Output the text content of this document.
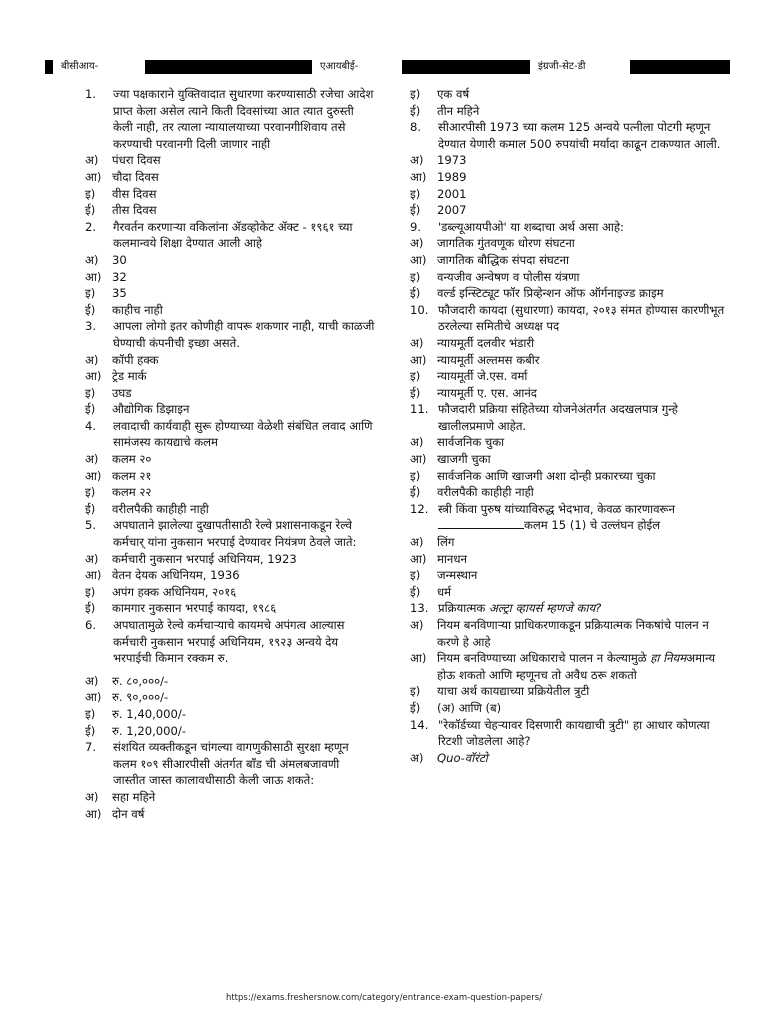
बीसीआय-	एआयबीई-	इंग्रजी-सेट-डी
1. ज्या पक्षकाराने युक्तिवादात सुधारणा करण्यासाठी रजेचा आदेश प्राप्त केला असेल त्याने किती दिवसांच्या आत त्यात दुरुस्ती केली नाही, तर त्याला न्यायालयाच्या परवानगीशिवाय तसे करण्याची परवानगी दिली जाणार नाही
अ) पंधरा दिवस
आ) चौदा दिवस
इ) वीस दिवस
ई) तीस दिवस
2. गैरवर्तन करणाऱ्या वकिलांना ॲडव्होकेट ॲक्ट - १९६१ च्या कलमान्वये शिक्षा देण्यात आली आहे
अ) 30
आ) 32
इ) 35
ई) काहीच नाही
3. आपला लोगो इतर कोणीही वापरू शकणार नाही, याची काळजी घेण्याची कंपनीची इच्छा असते.
अ) कॉपी हक्क
आ) ट्रेड मार्क
इ) उघड
ई) औद्योगिक डिझाइन
4. लवादाची कार्यवाही सुरू होण्याच्या वेळेशी संबंधित लवाद आणि सामंजस्य कायद्याचे कलम
अ) कलम २०
आ) कलम २१
इ) कलम २२
ई) वरीलपैकी काहीही नाही
5. अपघाताने झालेल्या दुखापतीसाठी रेल्वे प्रशासनाकडून रेल्वे कर्मचार् यांना नुकसान भरपाई देण्यावर नियंत्रण ठेवले जाते:
अ) कर्मचारी नुकसान भरपाई अधिनियम, 1923
आ) वेतन देयक अधिनियम, 1936
इ) अपंग हक्क अधिनियम, २०१६
ई) कामगार नुकसान भरपाई कायदा, १९८६
6. अपघातामुळे रेल्वे कर्मचाऱ्याचे कायमचे अपंगत्व आल्यास कर्मचारी नुकसान भरपाई अधिनियम, १९२३ अन्वये देय भरपाईची किमान रक्कम रु.
अ) रु. ८०,०००/-
आ) रु. ९०,०००/-
इ) रु. 1,40,000/-
ई) रु. 1,20,000/-
7. संशयित व्यक्तीकडून चांगल्या वागणुकीसाठी सुरक्षा म्हणून कलम १०९ सीआरपीसी अंतर्गत बाँड ची अंमलबजावणी जास्तीत जास्त कालावधीसाठी केली जाऊ शकते:
अ) सहा महिने
आ) दोन वर्ष
इ) एक वर्ष
ई) तीन महिने
8. सीआरपीसी 1973 च्या कलम 125 अन्वये पत्नीला पोटगी म्हणून देण्यात येणारी कमाल 500 रुपयांची मर्यादा काढून टाकण्यात आली.
अ) 1973
आ) 1989
इ) 2001
ई) 2007
9. 'डब्ल्यूआयपीओ' या शब्दाचा अर्थ असा आहे:
अ) जागतिक गुंतवणूक धोरण संघटना
आ) जागतिक बौद्धिक संपदा संघटना
इ) वन्यजीव अन्वेषण व पोलीस यंत्रणा
ई) वर्ल्ड इन्स्टिट्यूट फॉर प्रिव्हेन्शन ऑफ ऑर्गनाइज्ड क्राइम
10. फौजदारी कायदा (सुधारणा) कायदा, २०१३ संमत होण्यास कारणीभूत ठरलेल्या समितीचे अध्यक्ष पद
अ) न्यायमूर्ती दलवीर भंडारी
आ) न्यायमूर्ती अल्तमस कबीर
इ) न्यायमूर्ती जे.एस. वर्मा
ई) न्यायमूर्ती ए. एस. आनंद
11. फौजदारी प्रक्रिया संहितेच्या योजनेअंतर्गत अदखलपात्र गुन्हे खालीलप्रमाणे आहेत.
अ) सार्वजनिक चुका
आ) खाजगी चुका
इ) सार्वजनिक आणि खाजगी अशा दोन्ही प्रकारच्या चुका
ई) वरीलपैकी काहीही नाही
12. स्त्री किंवा पुरुष यांच्याविरुद्ध भेदभाव, केवळ कारणावरून कलम 15 (1) चे उल्लंघन होईल
अ) लिंग
आ) मानधन
इ) जन्मस्थान
ई) धर्म
13. प्रक्रियात्मक अल्ट्रा व्हायर्स म्हणजे काय?
अ) नियम बनविणाऱ्या प्राधिकरणाकडून प्रक्रियात्मक निकषांचे पालन न करणे हे आहे
आ) नियम बनविण्याच्या अधिकाराचे पालन न केल्यामुळे हा नियमअमान्य होऊ शकतो आणि म्हणूनच तो अवैध ठरू शकतो
इ) याचा अर्थ कायद्याच्या प्रक्रियेतील त्रुटी
ई) (अ) आणि (ब)
14. "रेकॉर्डच्या चेहऱ्यावर दिसणारी कायद्याची त्रुटी" हा आधार कोणत्या रिटशी जोडलेला आहे?
अ) Quo-वॉरंटो
https://exams.freshersnow.com/category/entrance-exam-question-papers/
